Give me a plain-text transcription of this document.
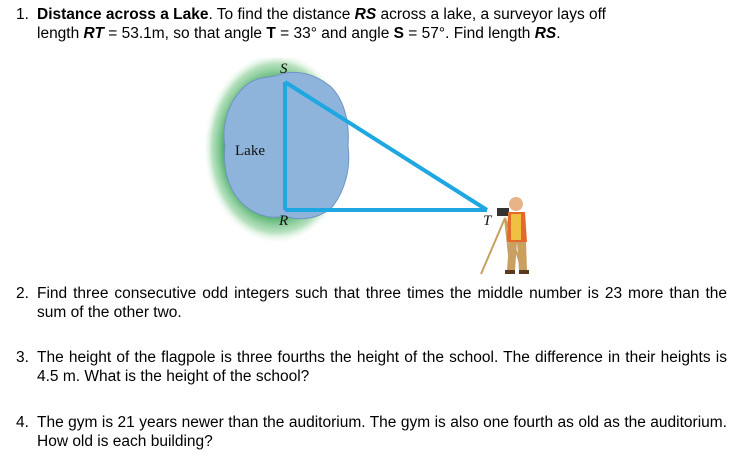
1. Distance across a Lake. To find the distance RS across a lake, a surveyor lays off
length RT = 53.1m, so that angle T = 33° and angle S = 57°. Find length RS.
S
R	T
Lake
2. Find three consecutive odd integers such that three times the middle number is 23 more than the sum of the other two.
3. The height of the flagpole is three fourths the height of the school. The difference in their heights is 4.5 m. What is the height of the school?
4. The gym is 21 years newer than the auditorium. The gym is also one fourth as old as the auditorium. How old is each building?
